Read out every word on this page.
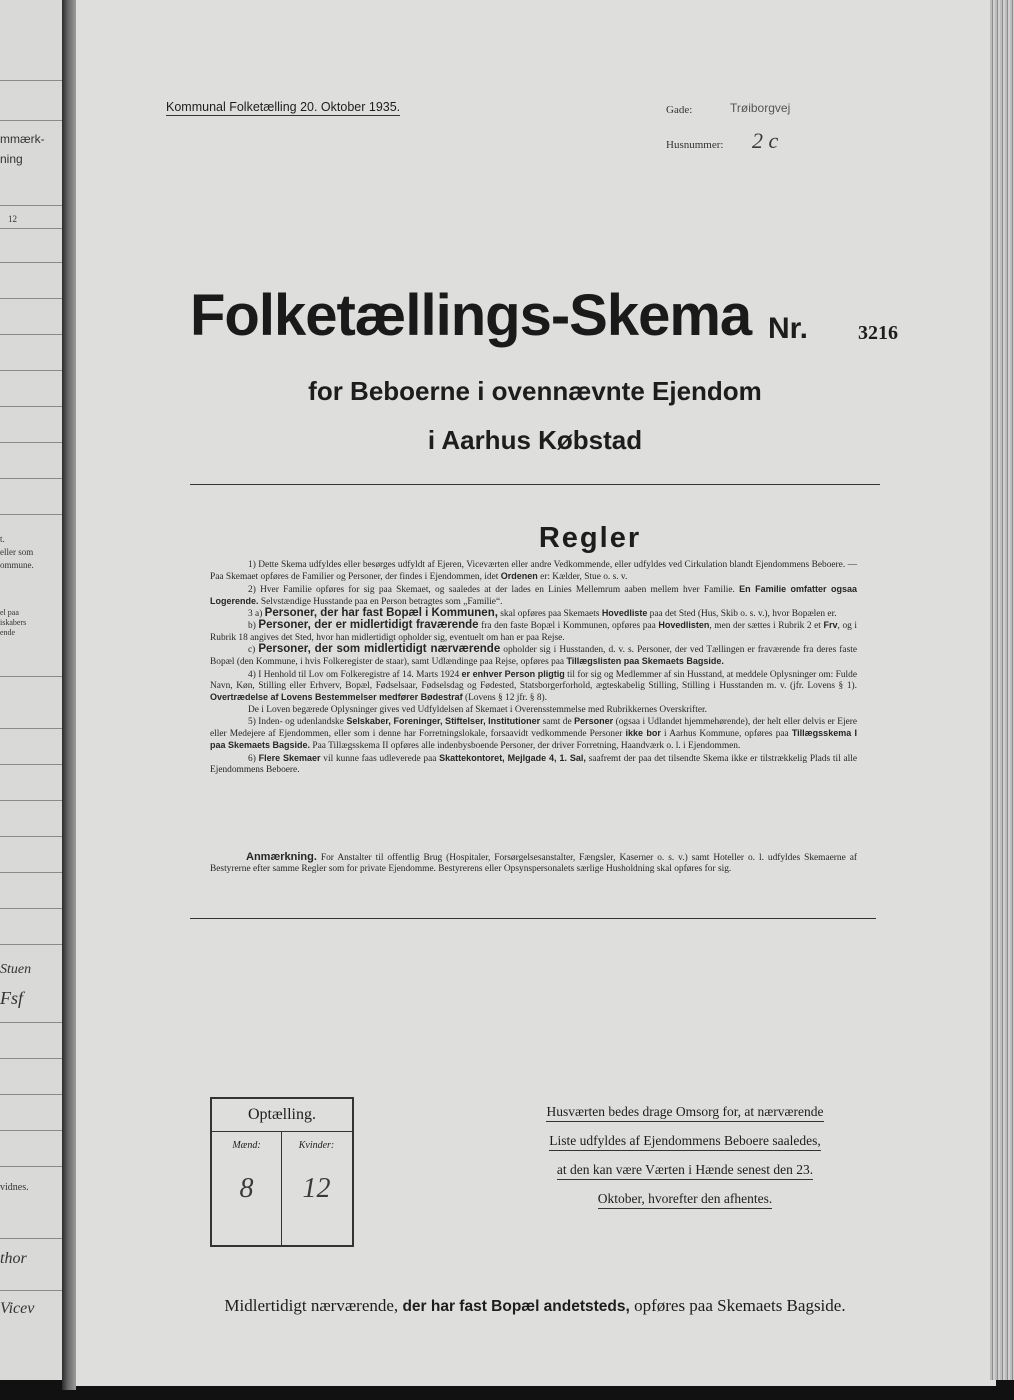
mmærk-
ning
12
t.
eller som
ommune.
el paa
iskabers
ende
vidnes.
Stuen
Fsf
thor
Vicev
Kommunal Folketælling 20. Oktober 1935.	Gade:	Trøiborgvej
Husnummer: 2 c
Folketællings-Skema Nr. 3216
for Beboerne i ovennævnte Ejendom
i Aarhus Købstad
Regler

1) Dette Skema udfyldes eller besørges udfyldt af Ejeren, Viceværten eller andre Vedkommende, eller udfyldes ved Cirkulation blandt Ejendommens Beboere. — Paa Skemaet opføres de Familier og Personer, der findes i Ejendommen, idet Ordenen er: Kælder, Stue o. s. v.

2) Hver Familie opføres for sig paa Skemaet, og saaledes at der lades en Linies Mellemrum aaben mellem hver Familie. En Familie omfatter ogsaa Logerende. Selvstændige Husstande paa en Person betragtes som „Familie“.

3 a) Personer, der har fast Bopæl i Kommunen, skal opføres paa Skemaets Hovedliste paa det Sted (Hus, Skib o. s. v.), hvor Bopælen er.

b) Personer, der er midlertidigt fraværende fra den faste Bopæl i Kommunen, opføres paa Hovedlisten, men der sættes i Rubrik 2 et Frv, og i Rubrik 18 angives det Sted, hvor han midlertidigt opholder sig, eventuelt om han er paa Rejse.

c) Personer, der som midlertidigt nærværende opholder sig i Husstanden, d. v. s. Personer, der ved Tællingen er fraværende fra deres faste Bopæl (den Kommune, i hvis Folkeregister de staar), samt Udlændinge paa Rejse, opføres paa Tillægslisten paa Skemaets Bagside.

4) I Henhold til Lov om Folkeregistre af 14. Marts 1924 er enhver Person pligtig til for sig og Medlemmer af sin Husstand, at meddele Oplysninger om: Fulde Navn, Køn, Stilling eller Erhverv, Bopæl, Fødselsaar, Fødselsdag og Fødested, Statsborgerforhold, ægteskabelig Stilling, Stilling i Husstanden m. v. (jfr. Lovens § 1). Overtrædelse af Lovens Bestemmelser medfører Bødestraf (Lovens § 12 jfr. § 8).

De i Loven begærede Oplysninger gives ved Udfyldelsen af Skemaet i Overensstemmelse med Rubrikkernes Overskrifter.

5) Inden- og udenlandske Selskaber, Foreninger, Stiftelser, Institutioner samt de Personer (ogsaa i Udlandet hjemmehørende), der helt eller delvis er Ejere eller Medejere af Ejendommen, eller som i denne har Forretningslokale, forsaavidt vedkommende Personer ikke bor i Aarhus Kommune, opføres paa Tillægsskema I paa Skemaets Bagside. Paa Tillægsskema II opføres alle indenbysboende Personer, der driver Forretning, Haandværk o. l. i Ejendommen.

6) Flere Skemaer vil kunne faas udleverede paa Skattekontoret, Mejlgade 4, 1. Sal, saafremt der paa det tilsendte Skema ikke er tilstrækkelig Plads til alle Ejendommens Beboere.

Anmærkning. For Anstalter til offentlig Brug (Hospitaler, Forsørgelsesanstalter, Fængsler, Kaserner o. s. v.) samt Hoteller o. l. udfyldes Skemaerne af Bestyrerne efter samme Regler som for private Ejendomme. Bestyrerens eller Opsynspersonalets særlige Husholdning skal opføres for sig.
Optælling.
Mænd:
8
Kvinder:
12
Husværten bedes drage Omsorg for, at nærværende
Liste udfyldes af Ejendommens Beboere saaledes,
at den kan være Værten i Hænde senest den 23.
Oktober, hvorefter den afhentes.
Midlertidigt nærværende, der har fast Bopæl andetsteds, opføres paa Skemaets Bagside.
